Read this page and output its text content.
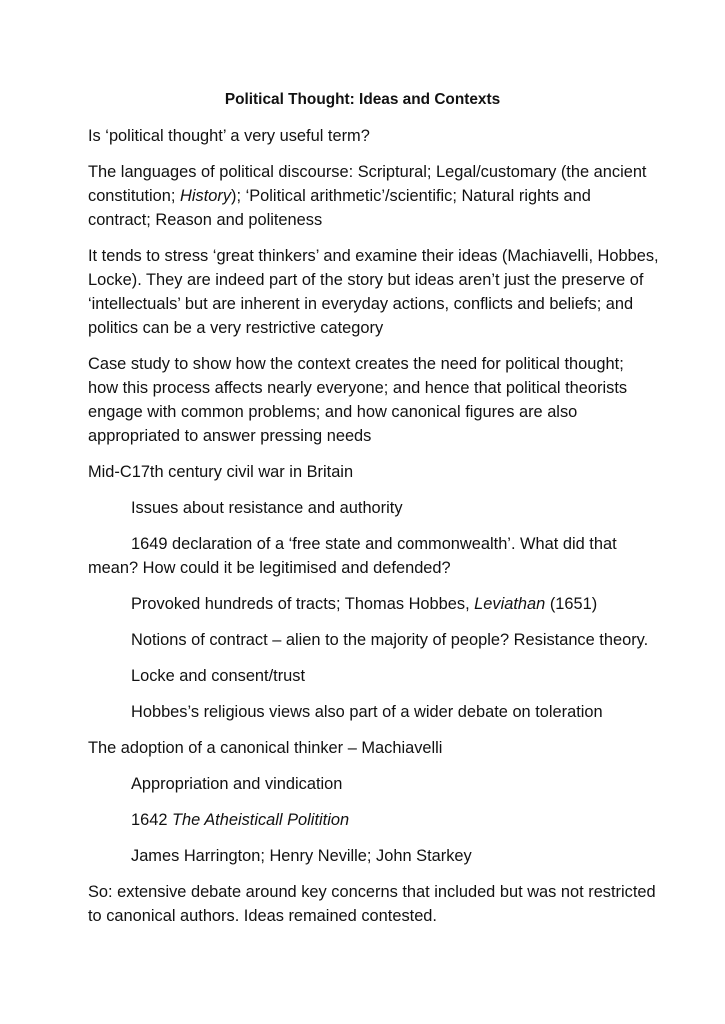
Political Thought: Ideas and Contexts
Is ‘political thought’ a very useful term?
The languages of political discourse: Scriptural; Legal/customary (the ancient
constitution; History); ‘Political arithmetic’/scientific; Natural rights and
contract; Reason and politeness
It tends to stress ‘great thinkers’ and examine their ideas (Machiavelli, Hobbes,
Locke). They are indeed part of the story but ideas aren’t just the preserve of
‘intellectuals’ but are inherent in everyday actions, conflicts and beliefs; and
politics can be a very restrictive category
Case study to show how the context creates the need for political thought;
how this process affects nearly everyone; and hence that political theorists
engage with common problems; and how canonical figures are also
appropriated to answer pressing needs
Mid-C17th century civil war in Britain
Issues about resistance and authority
1649 declaration of a ‘free state and commonwealth’. What did that
mean? How could it be legitimised and defended?
Provoked hundreds of tracts; Thomas Hobbes, Leviathan (1651)
Notions of contract – alien to the majority of people? Resistance theory.
Locke and consent/trust
Hobbes’s religious views also part of a wider debate on toleration
The adoption of a canonical thinker – Machiavelli
Appropriation and vindication
1642 The Atheisticall Politition
James Harrington; Henry Neville; John Starkey
So: extensive debate around key concerns that included but was not restricted
to canonical authors. Ideas remained contested.
